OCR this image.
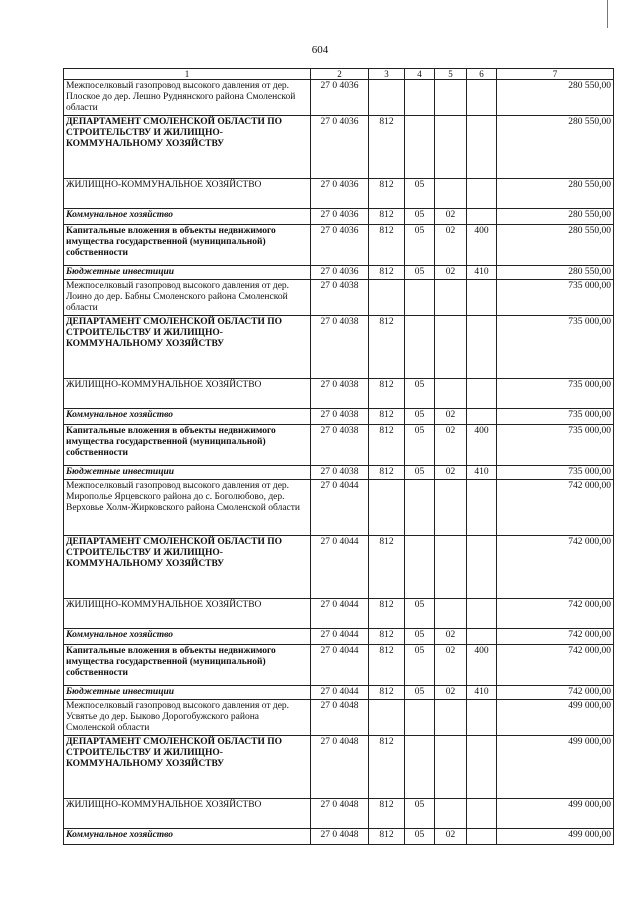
604
1	2	3	4	5	6	7
Межпоселковый газопровод высокого давления от дер. Плоское до дер. Лешно Руднянского района Смоленской области	27 0 4036					280 550,00
ДЕПАРТАМЕНТ СМОЛЕНСКОЙ ОБЛАСТИ ПО СТРОИТЕЛЬСТВУ И ЖИЛИЩНО-КОММУНАЛЬНОМУ ХОЗЯЙСТВУ	27 0 4036	812				280 550,00
ЖИЛИЩНО-КОММУНАЛЬНОЕ ХОЗЯЙСТВО	27 0 4036	812	05			280 550,00
Коммунальное хозяйство	27 0 4036	812	05	02		280 550,00
Капитальные вложения в объекты недвижимого имущества государственной (муниципальной) собственности	27 0 4036	812	05	02	400	280 550,00
Бюджетные инвестиции	27 0 4036	812	05	02	410	280 550,00
Межпоселковый газопровод высокого давления от дер. Лоино до дер. Бабны Смоленского района Смоленской области	27 0 4038					735 000,00
ДЕПАРТАМЕНТ СМОЛЕНСКОЙ ОБЛАСТИ ПО СТРОИТЕЛЬСТВУ И ЖИЛИЩНО-КОММУНАЛЬНОМУ ХОЗЯЙСТВУ	27 0 4038	812				735 000,00
ЖИЛИЩНО-КОММУНАЛЬНОЕ ХОЗЯЙСТВО	27 0 4038	812	05			735 000,00
Коммунальное хозяйство	27 0 4038	812	05	02		735 000,00
Капитальные вложения в объекты недвижимого имущества государственной (муниципальной) собственности	27 0 4038	812	05	02	400	735 000,00
Бюджетные инвестиции	27 0 4038	812	05	02	410	735 000,00
Межпоселковый газопровод высокого давления от дер. Мирополье Ярцевского района до с. Боголюбово, дер. Верховье Холм-Жирковского района Смоленской области	27 0 4044					742 000,00
ДЕПАРТАМЕНТ СМОЛЕНСКОЙ ОБЛАСТИ ПО СТРОИТЕЛЬСТВУ И ЖИЛИЩНО-КОММУНАЛЬНОМУ ХОЗЯЙСТВУ	27 0 4044	812				742 000,00
ЖИЛИЩНО-КОММУНАЛЬНОЕ ХОЗЯЙСТВО	27 0 4044	812	05			742 000,00
Коммунальное хозяйство	27 0 4044	812	05	02		742 000,00
Капитальные вложения в объекты недвижимого имущества государственной (муниципальной) собственности	27 0 4044	812	05	02	400	742 000,00
Бюджетные инвестиции	27 0 4044	812	05	02	410	742 000,00
Межпоселковый газопровод высокого давления от дер. Усвятье до дер. Быково Дорогобужского района Смоленской области	27 0 4048					499 000,00
ДЕПАРТАМЕНТ СМОЛЕНСКОЙ ОБЛАСТИ ПО СТРОИТЕЛЬСТВУ И ЖИЛИЩНО-КОММУНАЛЬНОМУ ХОЗЯЙСТВУ	27 0 4048	812				499 000,00
ЖИЛИЩНО-КОММУНАЛЬНОЕ ХОЗЯЙСТВО	27 0 4048	812	05			499 000,00
Коммунальное хозяйство	27 0 4048	812	05	02		499 000,00
